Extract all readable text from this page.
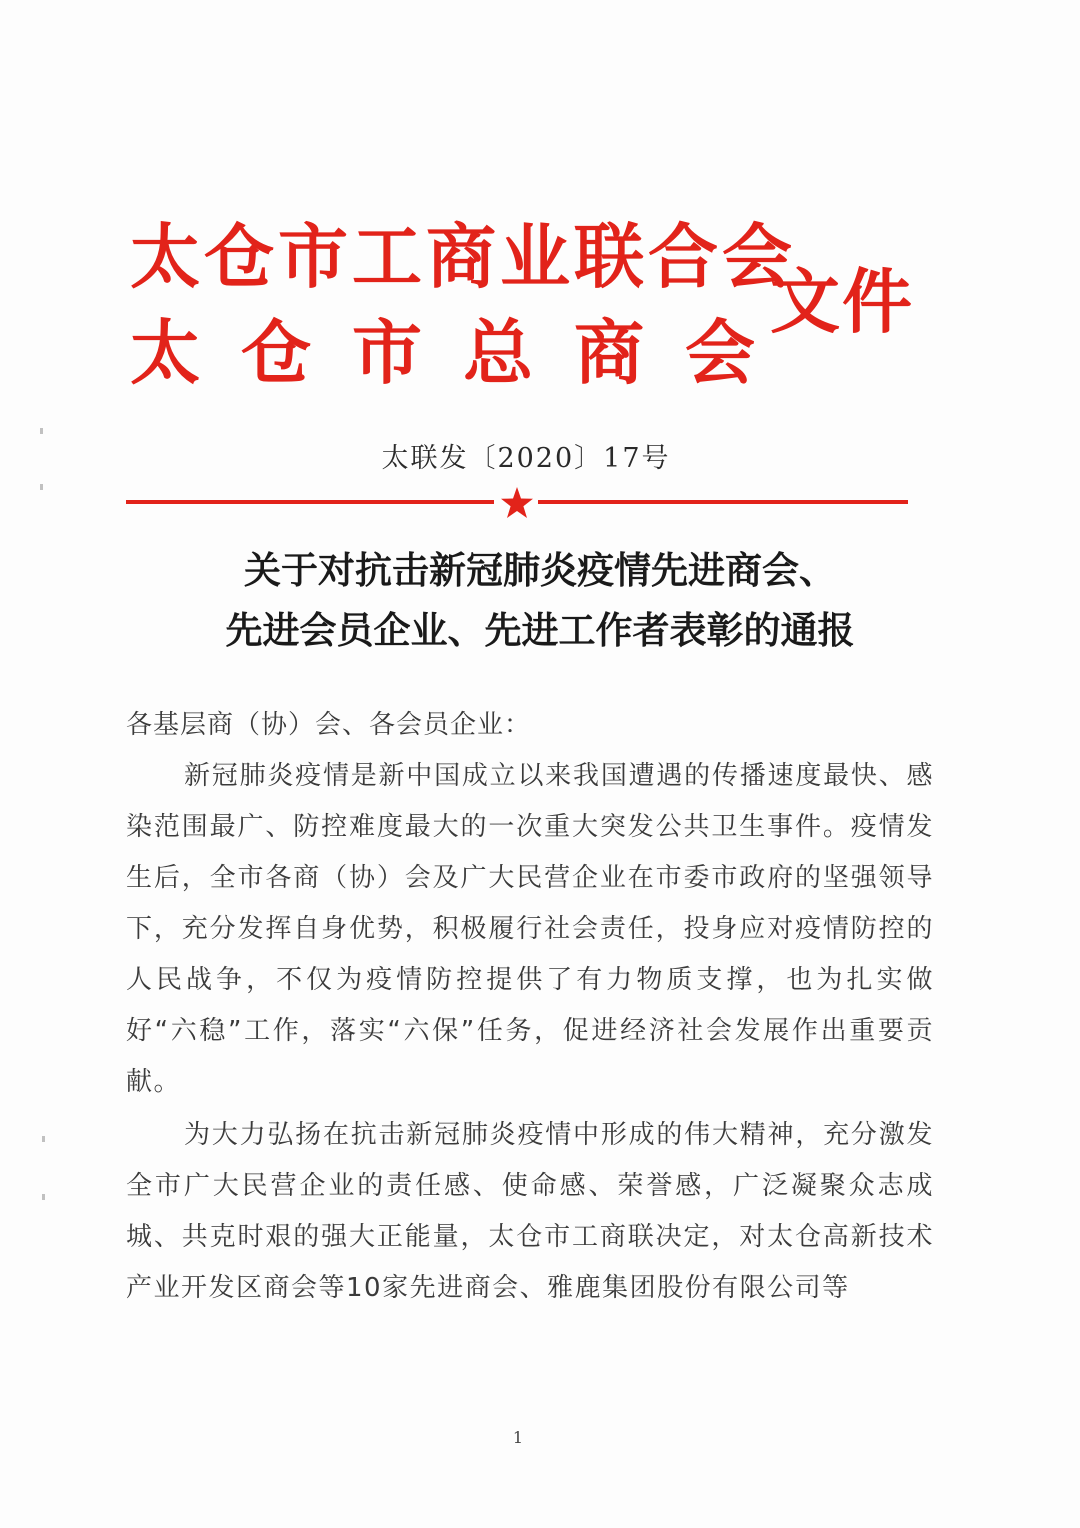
太仓市工商业联合会
太 仓 市 总 商 会
文件
太联发〔2020〕17号
关于对抗击新冠肺炎疫情先进商会、
先进会员企业、先进工作者表彰的通报
各基层商（协）会、各会员企业：

新冠肺炎疫情是新中国成立以来我国遭遇的传播速度最快、感染范围最广、防控难度最大的一次重大突发公共卫生事件。疫情发生后，全市各商（协）会及广大民营企业在市委市政府的坚强领导下，充分发挥自身优势，积极履行社会责任，投身应对疫情防控的人民战争，不仅为疫情防控提供了有力物质支撑，也为扎实做好“六稳”工作，落实“六保”任务，促进经济社会发展作出重要贡献。

为大力弘扬在抗击新冠肺炎疫情中形成的伟大精神，充分激发全市广大民营企业的责任感、使命感、荣誉感，广泛凝聚众志成城、共克时艰的强大正能量，太仓市工商联决定，对太仓高新技术产业开发区商会等10家先进商会、雅鹿集团股份有限公司等

1
